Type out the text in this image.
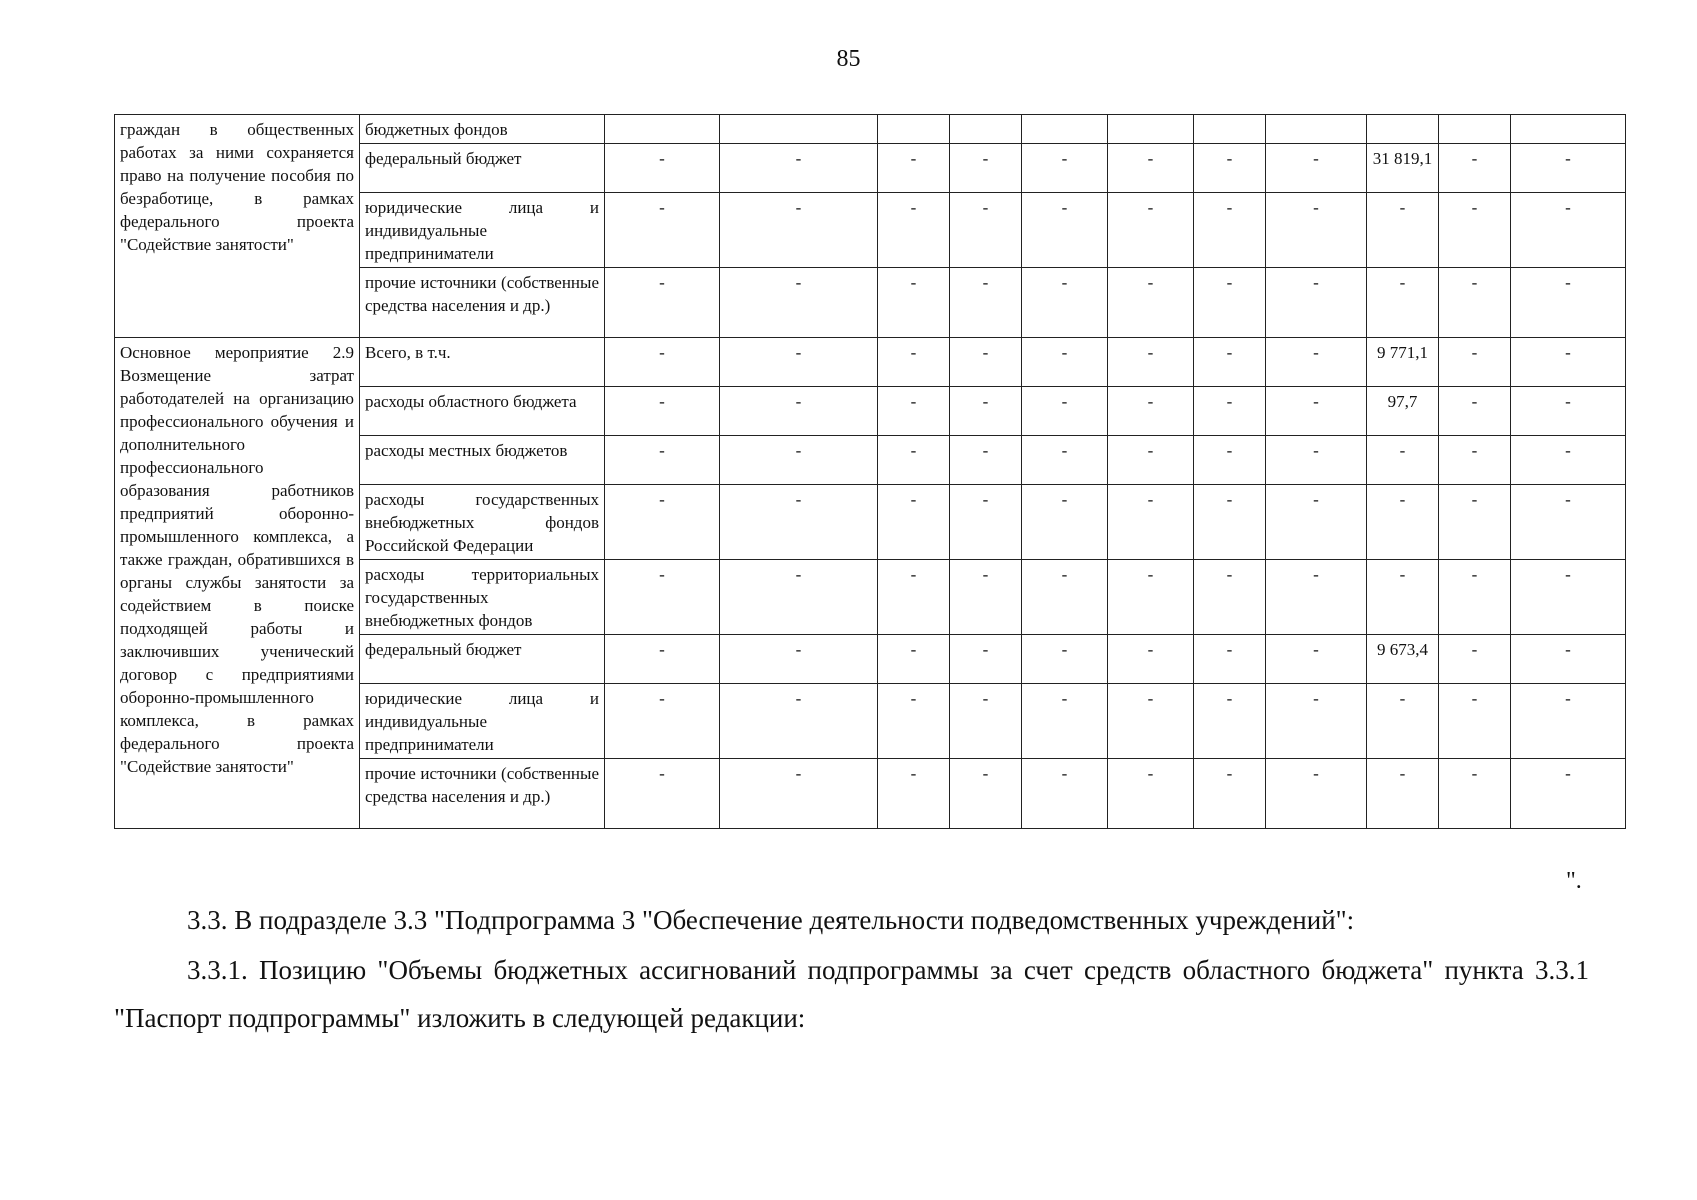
85
граждан в общественных работах за ними сохраняется право на получение пособия по безработице, в рамках федерального проекта "Содействие занятости"	бюджетных фондов											
	федеральный бюджет	-	-	-	-	-	-	-	-	31 819,1	-	-
	юридические лица и индивидуальные предприниматели	-	-	-	-	-	-	-	-	-	-	-
	прочие источники (собственные средства населения и др.)	-	-	-	-	-	-	-	-	-	-	-
Основное мероприятие 2.9 Возмещение затрат работодателей на организацию профессионального обучения и дополнительного профессионального образования работников предприятий оборонно-промышленного комплекса, а также граждан, обратившихся в органы службы занятости за содействием в поиске подходящей работы и заключивших ученический договор с предприятиями оборонно-промышленного комплекса, в рамках федерального проекта "Содействие занятости"	Всего, в т.ч.	-	-	-	-	-	-	-	-	9 771,1	-	-
	расходы областного бюджета	-	-	-	-	-	-	-	-	97,7	-	-
	расходы местных бюджетов	-	-	-	-	-	-	-	-	-	-	-
	расходы государственных внебюджетных фондов Российской Федерации	-	-	-	-	-	-	-	-	-	-	-
	расходы территориальных государственных внебюджетных фондов	-	-	-	-	-	-	-	-	-	-	-
	федеральный бюджет	-	-	-	-	-	-	-	-	9 673,4	-	-
	юридические лица и индивидуальные предприниматели	-	-	-	-	-	-	-	-	-	-	-
	прочие источники (собственные средства населения и др.)	-	-	-	-	-	-	-	-	-	-	-
".
3.3. В подразделе 3.3 "Подпрограмма 3 "Обеспечение деятельности подведомственных учреждений":
3.3.1. Позицию "Объемы бюджетных ассигнований подпрограммы за счет средств областного бюджета" пункта 3.3.1 "Паспорт подпрограммы" изложить в следующей редакции:
